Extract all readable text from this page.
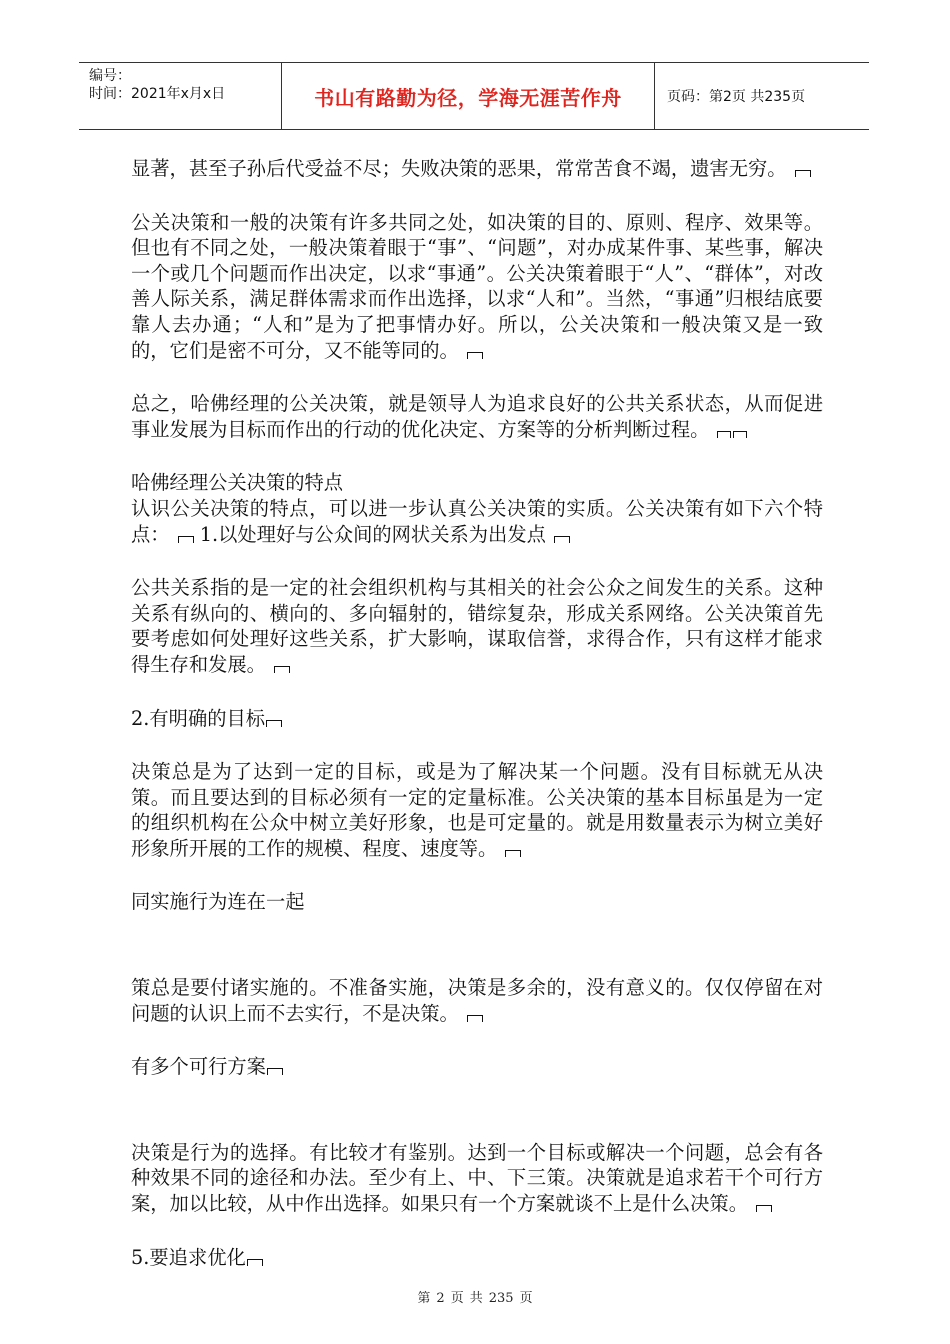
编号：
时间：2021年x月x日	书山有路勤为径，学海无涯苦作舟	页码：第2页 共235页

显著，甚至子孙后代受益不尽；失败决策的恶果，常常苦食不竭，遗害无穷。

公关决策和一般的决策有许多共同之处，如决策的目的、原则、程序、效果等。但也有不同之处，一般决策着眼于“事”、“问题”，对办成某件事、某些事，解决一个或几个问题而作出决定，以求“事通”。公关决策着眼于“人”、“群体”，对改善人际关系，满足群体需求而作出选择，以求“人和”。当然，“事通”归根结底要靠人去办通；“人和”是为了把事情办好。所以，公关决策和一般决策又是一致的，它们是密不可分，又不能等同的。

总之，哈佛经理的公关决策，就是领导人为追求良好的公共关系状态，从而促进事业发展为目标而作出的行动的优化决定、方案等的分析判断过程。

哈佛经理公关决策的特点

认识公关决策的特点，可以进一步认真公关决策的实质。公关决策有如下六个特点： 1.以处理好与公众间的网状关系为出发点

公共关系指的是一定的社会组织机构与其相关的社会公众之间发生的关系。这种关系有纵向的、横向的、多向辐射的，错综复杂，形成关系网络。公关决策首先要考虑如何处理好这些关系，扩大影响，谋取信誉，求得合作，只有这样才能求得生存和发展。

2.有明确的目标

决策总是为了达到一定的目标，或是为了解决某一个问题。没有目标就无从决策。而且要达到的目标必须有一定的定量标准。公关决策的基本目标虽是为一定的组织机构在公众中树立美好形象，也是可定量的。就是用数量表示为树立美好形象所开展的工作的规模、程度、速度等。

同实施行为连在一起

策总是要付诸实施的。不准备实施，决策是多余的，没有意义的。仅仅停留在对问题的认识上而不去实行，不是决策。

有多个可行方案

决策是行为的选择。有比较才有鉴别。达到一个目标或解决一个问题，总会有各种效果不同的途径和办法。至少有上、中、下三策。决策就是追求若干个可行方案，加以比较，从中作出选择。如果只有一个方案就谈不上是什么决策。

5.要追求优化

第 2 页 共 235 页
